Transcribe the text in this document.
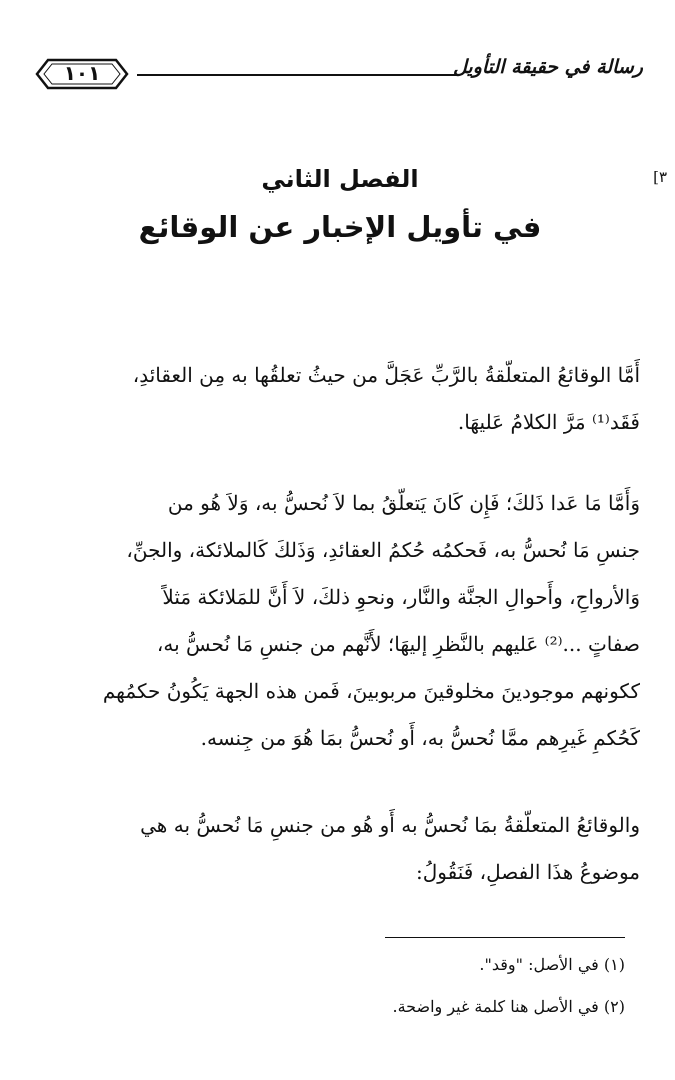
رسالة في حقيقة التأويل
١٠١
[٣
الفصل الثاني
في تأويل الإخبار عن الوقائع

أَمَّا الوقائعُ المتعلّقةُ بالرَّبِّ عَجَلَّ من حيثُ تعلقُها به مِن العقائدِ،

فَقَد⁽¹⁾ مَرَّ الكلامُ عَليهَا.

وَأَمَّا مَا عَدا ذَلكَ؛ فَإِن كَانَ يَتعلّقُ بما لاَ نُحسُّ به، وَلاَ هُو من

جنسِ مَا نُحسُّ به، فَحكمُه حُكمُ العقائدِ، وَذَلكَ كَالملائكة، والجنِّ،

وَالأرواحِ، وأَحوالِ الجنَّة والنَّار، ونحوِ ذلكَ، لاَ أَنَّ للمَلائكة مَثلاً

صفاتٍ ...⁽²⁾ عَليهم بالنَّظرِ إليهَا؛ لأَنَّهم من جنسِ مَا نُحسُّ به،

ككونهم موجودينَ مخلوقينَ مربوبينَ، فَمن هذه الجهة يَكُونُ حكمُهم

كَحُكمِ غَيرِهم ممَّا نُحسُّ به، أَو نُحسُّ بمَا هُوَ من جِنسه.

والوقائعُ المتعلّقةُ بمَا نُحسُّ به أَو هُو من جنسِ مَا نُحسُّ به هي

موضوعُ هذَا الفصلِ، فَنَقُولُ:

(١) في الأصل: "وقد".
(٢) في الأصل هنا كلمة غير واضحة.
